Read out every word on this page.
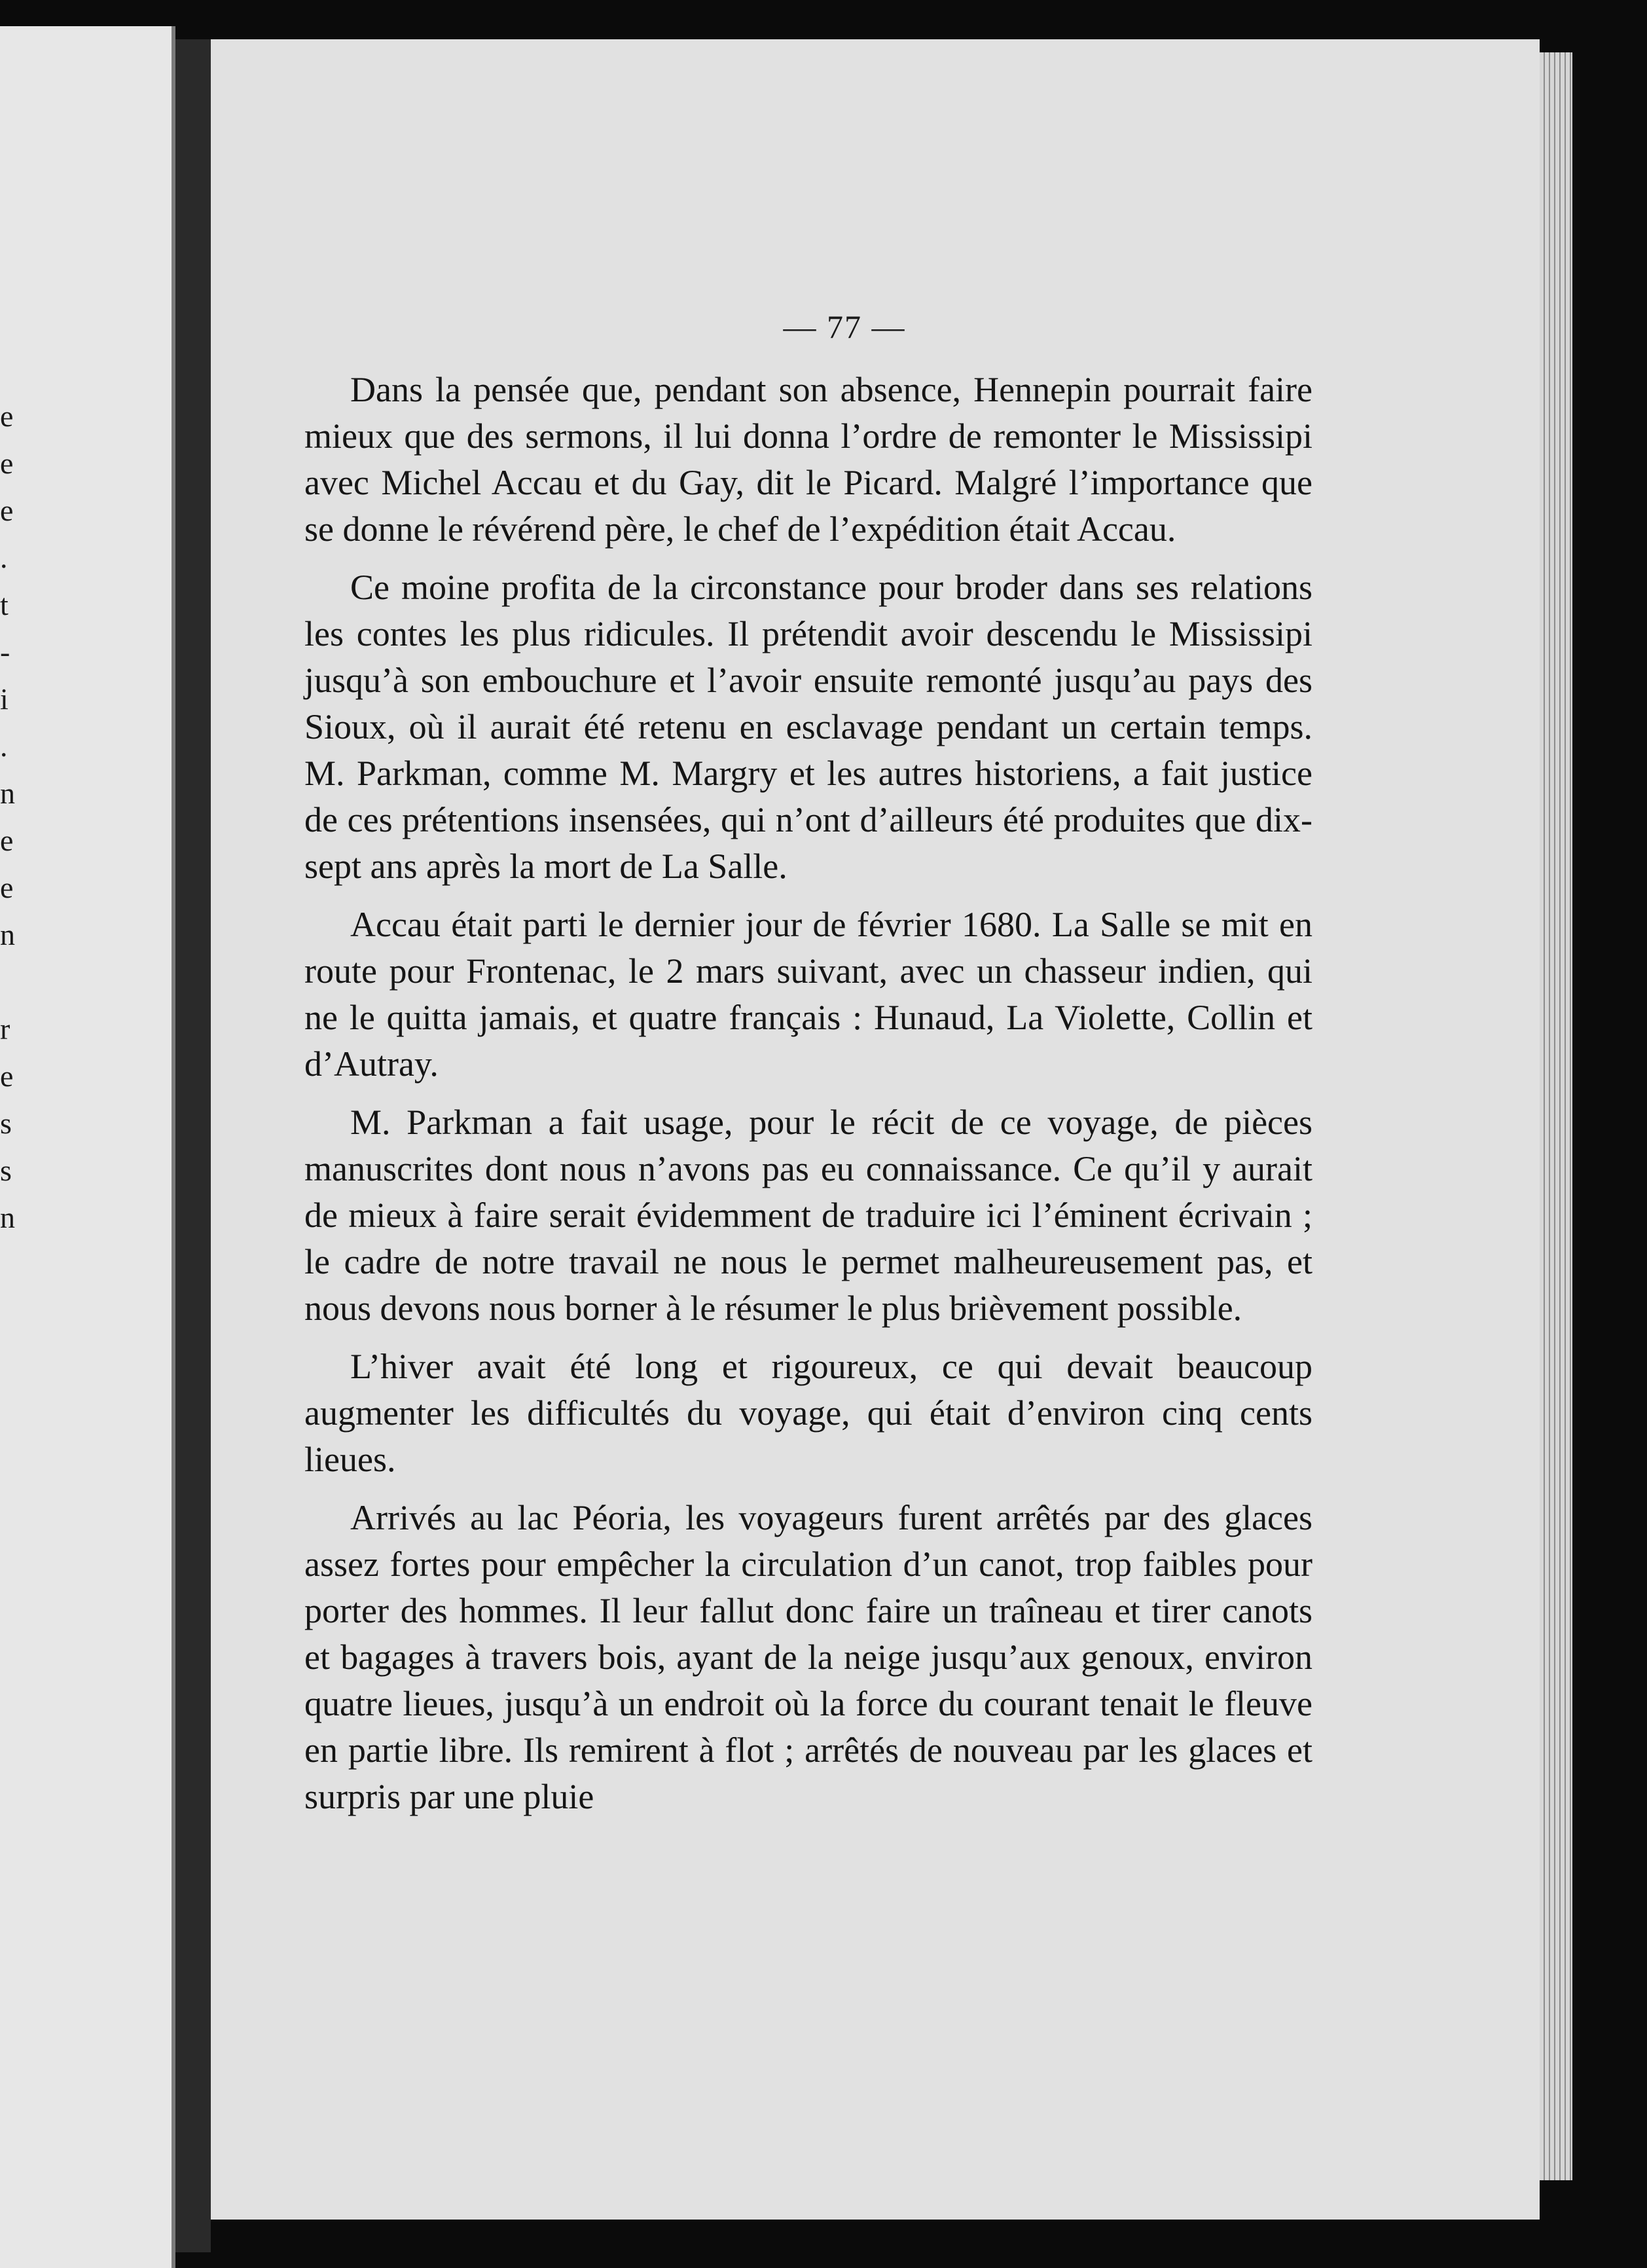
e
e
e
.
t
-
i
.
n
e
e
n
r
e
s
s
n
— 77 —

Dans la pensée que, pendant son absence, Hennepin pourrait faire mieux que des sermons, il lui donna l’ordre de remonter le Mississipi avec Michel Accau et du Gay, dit le Picard. Malgré l’importance que se donne le révérend père, le chef de l’expédition était Accau.

Ce moine profita de la circonstance pour broder dans ses relations les contes les plus ridicules. Il prétendit avoir descendu le Mississipi jusqu’à son embouchure et l’avoir ensuite remonté jusqu’au pays des Sioux, où il aurait été retenu en esclavage pendant un certain temps. M. Parkman, comme M. Margry et les autres historiens, a fait justice de ces prétentions insensées, qui n’ont d’ailleurs été produites que dix-sept ans après la mort de La Salle.

Accau était parti le dernier jour de février 1680. La Salle se mit en route pour Frontenac, le 2 mars suivant, avec un chasseur indien, qui ne le quitta jamais, et quatre français : Hunaud, La Violette, Collin et d’Autray.

M. Parkman a fait usage, pour le récit de ce voyage, de pièces manuscrites dont nous n’avons pas eu connaissance. Ce qu’il y aurait de mieux à faire serait évidemment de traduire ici l’éminent écrivain ; le cadre de notre travail ne nous le permet malheureusement pas, et nous devons nous borner à le résumer le plus brièvement possible.

L’hiver avait été long et rigoureux, ce qui devait beaucoup augmenter les difficultés du voyage, qui était d’environ cinq cents lieues.

Arrivés au lac Péoria, les voyageurs furent arrêtés par des glaces assez fortes pour empêcher la circulation d’un canot, trop faibles pour porter des hommes. Il leur fallut donc faire un traîneau et tirer canots et bagages à travers bois, ayant de la neige jusqu’aux genoux, environ quatre lieues, jusqu’à un endroit où la force du courant tenait le fleuve en partie libre. Ils remirent à flot ; arrêtés de nouveau par les glaces et surpris par une pluie
